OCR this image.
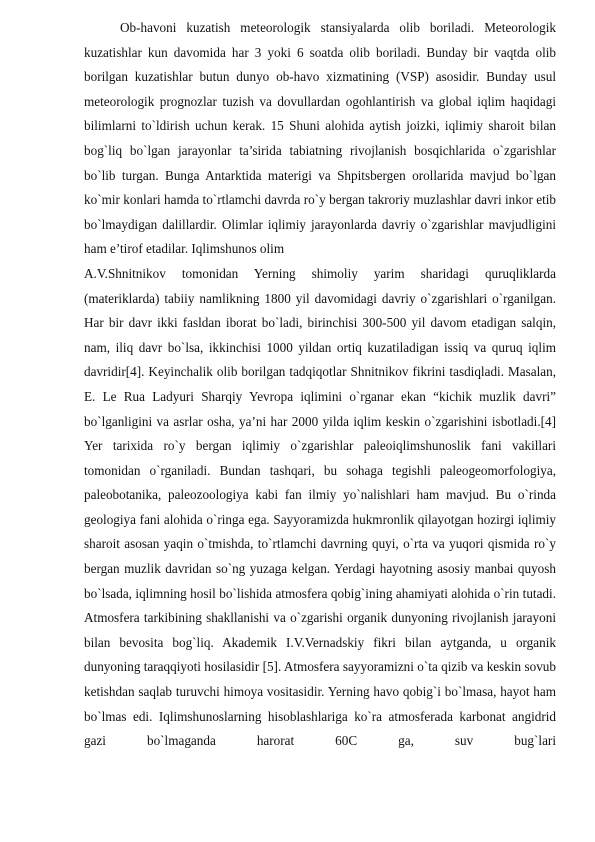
Ob-havoni kuzatish meteorologik stansiyalarda olib boriladi. Meteorologik kuzatishlar kun davomida har 3 yoki 6 soatda olib boriladi. Bunday bir vaqtda olib borilgan kuzatishlar butun dunyo ob-havo xizmatining (VSP) asosidir. Bunday usul meteorologik prognozlar tuzish va dovullardan ogohlantirish va global iqlim haqidagi bilimlarni to`ldirish uchun kerak. 15 Shuni alohida aytish joizki, iqlimiy sharoit bilan bog`liq bo`lgan jarayonlar ta’sirida tabiatning rivojlanish bosqichlarida o`zgarishlar bo`lib turgan. Bunga Antarktida materigi va Shpitsbergen orollarida mavjud bo`lgan ko`mir konlari hamda to`rtlamchi davrda ro`y bergan takroriy muzlashlar davri inkor etib bo`lmaydigan dalillardir. Olimlar iqlimiy jarayonlarda davriy o`zgarishlar mavjudligini ham e’tirof etadilar. Iqlimshunos olim

A.V.Shnitnikov tomonidan Yerning shimoliy yarim sharidagi quruqliklarda (materiklarda) tabiiy namlikning 1800 yil davomidagi davriy o`zgarishlari o`rganilgan. Har bir davr ikki fasldan iborat bo`ladi, birinchisi 300-500 yil davom etadigan salqin, nam, iliq davr bo`lsa, ikkinchisi 1000 yildan ortiq kuzatiladigan issiq va quruq iqlim davridir[4]. Keyinchalik olib borilgan tadqiqotlar Shnitnikov fikrini tasdiqladi. Masalan, E. Le Rua Ladyuri Sharqiy Yevropa iqlimini o`rganar ekan “kichik muzlik davri” bo`lganligini va asrlar osha, ya’ni har 2000 yilda iqlim keskin o`zgarishini isbotladi.[4] Yer tarixida ro`y bergan iqlimiy o`zgarishlar paleoiqlimshunoslik fani vakillari tomonidan o`rganiladi. Bundan tashqari, bu sohaga tegishli paleogeomorfologiya, paleobotanika, paleozoologiya kabi fan ilmiy yo`nalishlari ham mavjud. Bu o`rinda geologiya fani alohida o`ringa ega. Sayyoramizda hukmronlik qilayotgan hozirgi iqlimiy sharoit asosan yaqin o`tmishda, to`rtlamchi davrning quyi, o`rta va yuqori qismida ro`y bergan muzlik davridan so`ng yuzaga kelgan. Yerdagi hayotning asosiy manbai quyosh bo`lsada, iqlimning hosil bo`lishida atmosfera qobig`ining ahamiyati alohida o`rin tutadi. Atmosfera tarkibining shakllanishi va o`zgarishi organik dunyoning rivojlanish jarayoni bilan bevosita bog`liq. Akademik I.V.Vernadskiy fikri bilan aytganda, u organik dunyoning taraqqiyoti hosilasidir [5]. Atmosfera sayyoramizni o`ta qizib va keskin sovub ketishdan saqlab turuvchi himoya vositasidir. Yerning havo qobig`i bo`lmasa, hayot ham bo`lmas edi. Iqlimshunoslarning hisoblashlariga ko`ra atmosferada karbonat angidrid gazi bo`lmaganda harorat 60C ga, suv bug`lari
